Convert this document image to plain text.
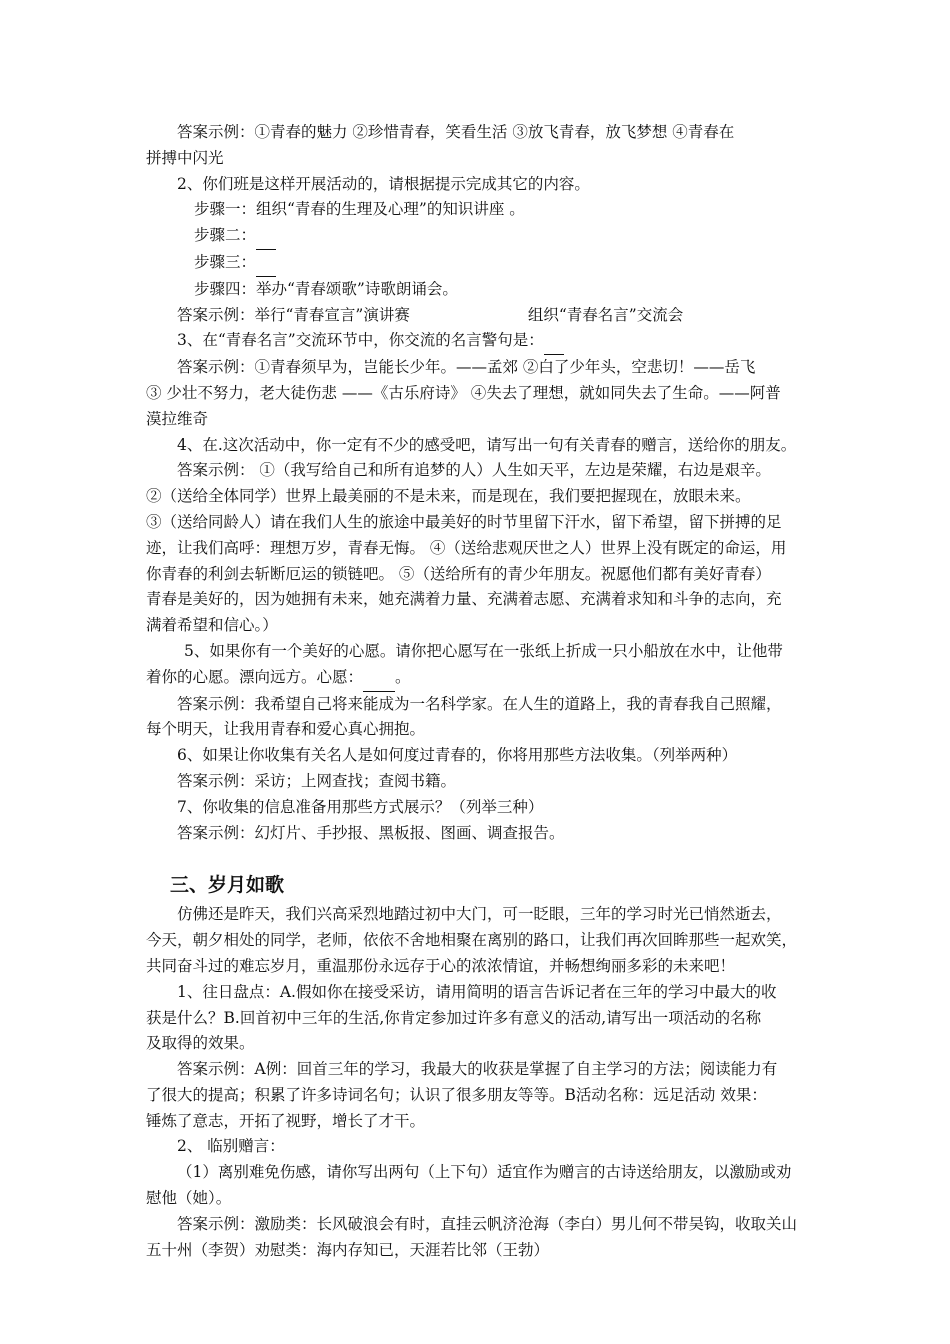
答案示例：①青春的魅力 ②珍惜青春，笑看生活 ③放飞青春，放飞梦想 ④青春在

拼搏中闪光

2、你们班是这样开展活动的，请根据提示完成其它的内容。

步骤一：组织“青春的生理及心理”的知识讲座 。

步骤二：

步骤三：

步骤四：举办“青春颂歌”诗歌朗诵会。

答案示例：举行“青春宣言”演讲赛	组织“青春名言”交流会

3、在“青春名言”交流环节中，你交流的名言警句是：

答案示例：①青春须早为，岂能长少年。——孟郊 ②白了少年头，空悲切！——岳飞

③ 少壮不努力，老大徒伤悲 ——《古乐府诗》 ④失去了理想，就如同失去了生命。——阿普

漠拉维奇

4、在.这次活动中，你一定有不少的感受吧，请写出一句有关青春的赠言，送给你的朋友。

答案示例： ①（我写给自己和所有追梦的人）人生如天平，左边是荣耀，右边是艰辛。

②（送给全体同学）世界上最美丽的不是未来，而是现在，我们要把握现在，放眼未来。

③（送给同龄人）请在我们人生的旅途中最美好的时节里留下汗水，留下希望，留下拼搏的足

迹，让我们高呼：理想万岁，青春无悔。 ④（送给悲观厌世之人）世界上没有既定的命运，用

你青春的利剑去斩断厄运的锁链吧。 ⑤（送给所有的青少年朋友。祝愿他们都有美好青春）

青春是美好的，因为她拥有未来，她充满着力量、充满着志愿、充满着求知和斗争的志向，充

满着希望和信心。）

5、如果你有一个美好的心愿。请你把心愿写在一张纸上折成一只小船放在水中，让他带

着你的心愿。漂向远方。心愿： 。

答案示例：我希望自己将来能成为一名科学家。在人生的道路上，我的青春我自己照耀，

每个明天，让我用青春和爱心真心拥抱。

6、如果让你收集有关名人是如何度过青春的，你将用那些方法收集。（列举两种）

答案示例：采访；上网查找；查阅书籍。

7、你收集的信息准备用那些方式展示？（列举三种）

答案示例：幻灯片、手抄报、黑板报、图画、调查报告。

三、岁月如歌

仿佛还是昨天，我们兴高采烈地踏过初中大门，可一眨眼，三年的学习时光已悄然逝去，

今天，朝夕相处的同学，老师，依依不舍地相聚在离别的路口，让我们再次回眸那些一起欢笑，

共同奋斗过的难忘岁月，重温那份永远存于心的浓浓情谊，并畅想绚丽多彩的未来吧！

1、往日盘点：A.假如你在接受采访，请用简明的语言告诉记者在三年的学习中最大的收

获是什么？B.回首初中三年的生活,你肯定参加过许多有意义的活动,请写出一项活动的名称

及取得的效果。

答案示例：A例：回首三年的学习，我最大的收获是掌握了自主学习的方法；阅读能力有

了很大的提高；积累了许多诗词名句；认识了很多朋友等等。B活动名称：远足活动 效果：

锤炼了意志，开拓了视野，增长了才干。

2、 临别赠言：

（1）离别难免伤感，请你写出两句（上下句）适宜作为赠言的古诗送给朋友，以激励或劝

慰他（她）。

答案示例：激励类：长风破浪会有时，直挂云帆济沧海（李白）男儿何不带吴钩，收取关山

五十州（李贺）劝慰类：海内存知已，天涯若比邻（王勃）
